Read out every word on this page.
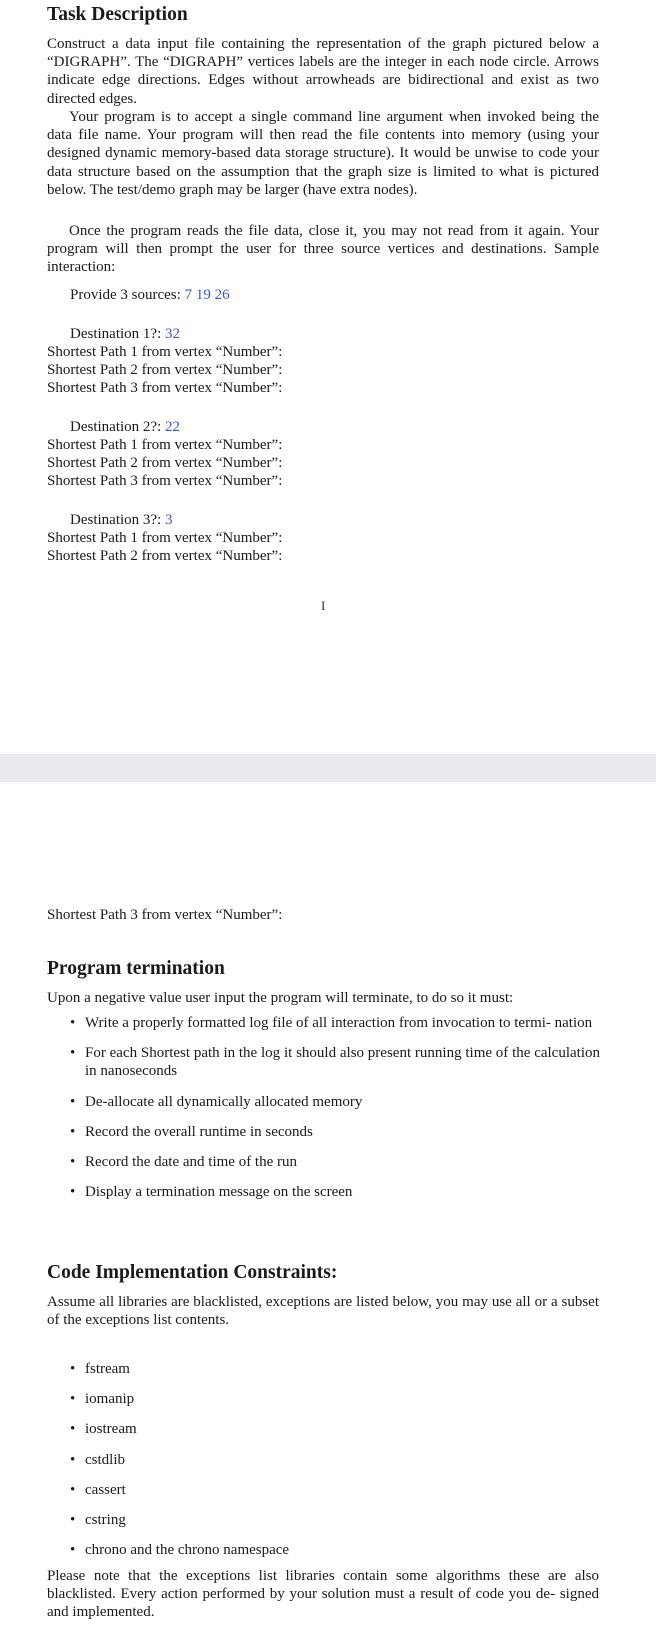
Task Description

Construct a data input file containing the representation of the graph pictured below a “DIGRAPH”. The “DIGRAPH” vertices labels are the integer in each node circle. Arrows indicate edge directions. Edges without arrowheads are bidirectional and exist as two directed edges.

Your program is to accept a single command line argument when invoked being the data file name. Your program will then read the file contents into memory (using your designed dynamic memory-based data storage structure). It would be unwise to code your data structure based on the assumption that the graph size is limited to what is pictured below. The test/demo graph may be larger (have extra nodes).

Once the program reads the file data, close it, you may not read from it again. Your program will then prompt the user for three source vertices and destinations. Sample interaction:

Provide 3 sources: 7 19 26

Destination 1?: 32

Shortest Path 1 from vertex “Number”:

Shortest Path 2 from vertex “Number”:

Shortest Path 3 from vertex “Number”:

Destination 2?: 22

Shortest Path 1 from vertex “Number”:

Shortest Path 2 from vertex “Number”:

Shortest Path 3 from vertex “Number”:

Destination 3?: 3

Shortest Path 1 from vertex “Number”:

Shortest Path 2 from vertex “Number”:

I

Shortest Path 3 from vertex “Number”:

Program termination

Upon a negative value user input the program will terminate, to do so it must:

• Write a properly formatted log file of all interaction from invocation to termi- nation
• For each Shortest path in the log it should also present running time of the calculation in nanoseconds
• De-allocate all dynamically allocated memory
• Record the overall runtime in seconds
• Record the date and time of the run
• Display a termination message on the screen
Code Implementation Constraints:

Assume all libraries are blacklisted, exceptions are listed below, you may use all or a subset of the exceptions list contents.

• fstream
• iomanip
• iostream
• cstdlib
• cassert
• cstring
• chrono and the chrono namespace

Please note that the exceptions list libraries contain some algorithms these are also blacklisted. Every action performed by your solution must a result of code you de- signed and implemented.
